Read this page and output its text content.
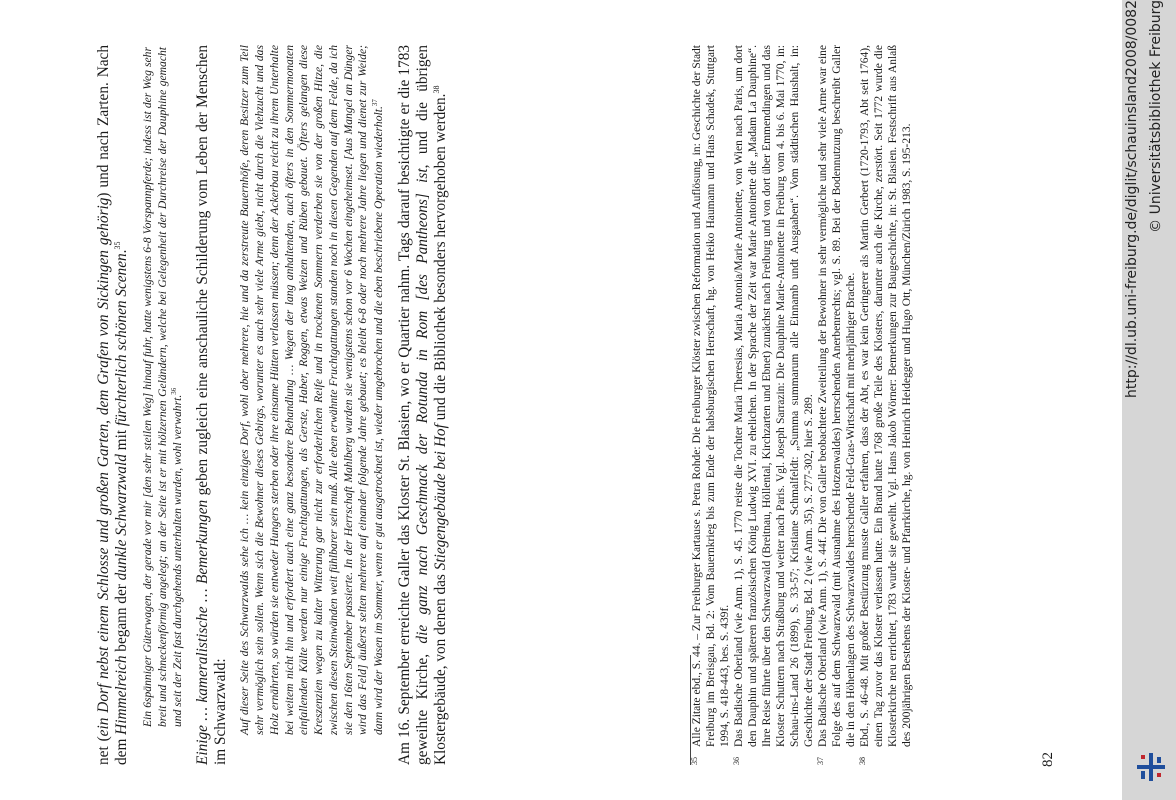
net (ein Dorf nebst einem Schlosse und großen Garten, dem Grafen von Sickingen gehörig) und nach Zarten. Nach dem Himmelreich begann der dunkle Schwarzwald mit fürchterlich schönen Scenen.$^{35}$	Ein 6spänniger Güterwagen, der gerade vor mir [den sehr steilen Weg] hinauf fuhr, hatte wenigstens 6-8 Vorspannpferde; indess ist der Weg sehr breit und schneckenförmig angelegt; an der Seite ist er mit hölzernen Geländern, welche bei Gelegenheit der Durchreise der Dauphine gemacht und seit der Zeit fast durchgehends unterhalten wurden, wohl verwahrt.$^{36}$

Einige … kameralistische … Bemerkungen geben zugleich eine anschauliche Schilderung vom Leben der Menschen im Schwarzwald: Auf dieser Seite des Schwarzwalds sehe ich … kein einziges Dorf, wohl aber mehrere, hie und da zerstreute Bauernhöfe, deren Besitzer zum Teil sehr vermöglich sein sollen. Wenn sich die Bewohner dieses Gebirgs, worunter es auch sehr viele Arme giebt, nicht durch die Viehzucht und das Holz ernährten, so würden sie entweder Hungers sterben oder ihre einsame Hütten verlassen müssen; denn der Ackerbau reicht zu ihrem Unterhalte bei weitem nicht hin und erfordert auch eine ganz besondere Behandlung … Wegen der lang anhaltenden, auch öfters in den Sommermonaten einfallenden Kälte werden nur einige Fruchtgattungen, als Gerste, Haber, Roggen, etwas Weizen und Rüben gebauet. Öfters gelangen diese Kreszenzien wegen zu kalter Witterung gar nicht zur erforderlichen Reife und in trockenen Sommern verderben sie von der großen Hitze, die zwischen diesen Steinwänden weit fühlbarer sein muß. Alle eben erwähnte Fruchtgattungen standen noch in diesen Gegenden auf dem Felde, da ich sie den 16ten September passierte. In der Herrschaft Mahlberg wurden sie wenigstens schon vor 6 Wochen eingeheimset. [Aus Mangel an Dünger wird das Feld] äußerst selten mehrere auf einander folgende Jahre gebauet; es bleibt 6-8 oder noch mehrere Jahre liegen und dienet zur Weide; dann wird der Wasen im Sommer, wenn er gut ausgetrocknet ist, wieder umgebrochen und die eben beschriebene Operation wiederholt.$^{37}$	Am 16. September erreichte Galler das Kloster St. Blasien, wo er Quartier nahm. Tags darauf besichtigte er die 1783 geweihte Kirche, die ganz nach Geschmack der Rotunda in Rom [des Pantheons] ist, und die übrigen Klostergebäude, von denen das Stiegengebäude bei Hof und die Bibliothek besonders hervorgehoben werden.$^{38}$

35
Alle Zitate ebd., S. 44. – Zur Freiburger Kartause s. Petra Rohde: Die Freiburger Klöster zwischen Reformation und Auflösung, in: Geschichte der Stadt Freiburg im Breisgau, Bd. 2: Vom Bauernkrieg bis zum Ende der habsburgischen Herrschaft, hg. von Heiko Haumann und Hans Schadek, Stuttgart 1994, S. 418-443, bes. S. 439f.
36
Das Badische Oberland (wie Anm. 1), S. 45. 1770 reiste die Tochter Maria Theresias, Maria Antonia/Marie Antoinette, von Wien nach Paris, um dort den Dauphin und späteren französischen König Ludwig XVI. zu ehelichen. In der Sprache der Zeit war Marie Antoinette die „Madam La Dauphine“. Ihre Reise führte über den Schwarzwald (Breitnau, Höllental, Kirchzarten und Ebnet) zunächst nach Freiburg und von dort über Emmendingen und das Kloster Schuttern nach Straßburg und weiter nach Paris. Vgl. Joseph Sarrazin: Die Dauphine Marie-Antoinette in Freiburg vom 4. bis 6. Mai 1770, in: Schau-ins-Land 26 (1899), S. 33-57; Kristiane Schmalfeldt: „Summa summarum alle Einnamb undt Ausgaaben“. Vom städtischen Haushalt, in: Geschichte der Stadt Freiburg, Bd. 2 (wie Anm. 35), S. 277-302, hier S. 289.
37
Das Badische Oberland (wie Anm. 1), S. 44f. Die von Galler beobachtete Zweiteilung der Bewohner in sehr vermögliche und sehr viele Arme war eine Folge des auf dem Schwarzwald (mit Ausnahme des Hotzenwaldes) herrschenden Anerbenrechts; vgl. S. 89. Bei der Bodennutzung beschreibt Galler die in den Höhenlagen des Schwarzwaldes herrschende Feld-Gras-Wirtschaft mit mehrjähriger Brache.
38
Ebd., S. 46-48. Mit großer Bestürzung musste Galler erfahren, dass der Abt, es war kein Geringerer als Martin Gerbert (1720-1793, Abt seit 1764), einen Tag zuvor das Kloster verlassen hatte. Ein Brand hatte 1768 große Teile des Klosters, darunter auch die Kirche, zerstört. Seit 1772 wurde die Klosterkirche neu errichtet, 1783 wurde sie geweiht. Vgl. Hans Jakob Wörner: Bemerkungen zur Baugeschichte, in: St. Blasien. Festschrift aus Anlaß des 200jährigen Bestehens der Kloster- und Pfarrkirche, hg. von Heinrich Heidegger und Hugo Ott, München/Zürich 1983, S. 195-213.
82
http://dl.ub.uni-freiburg.de/diglit/schauinsland2008/0082 © Universitätsbibliothek Freiburg
